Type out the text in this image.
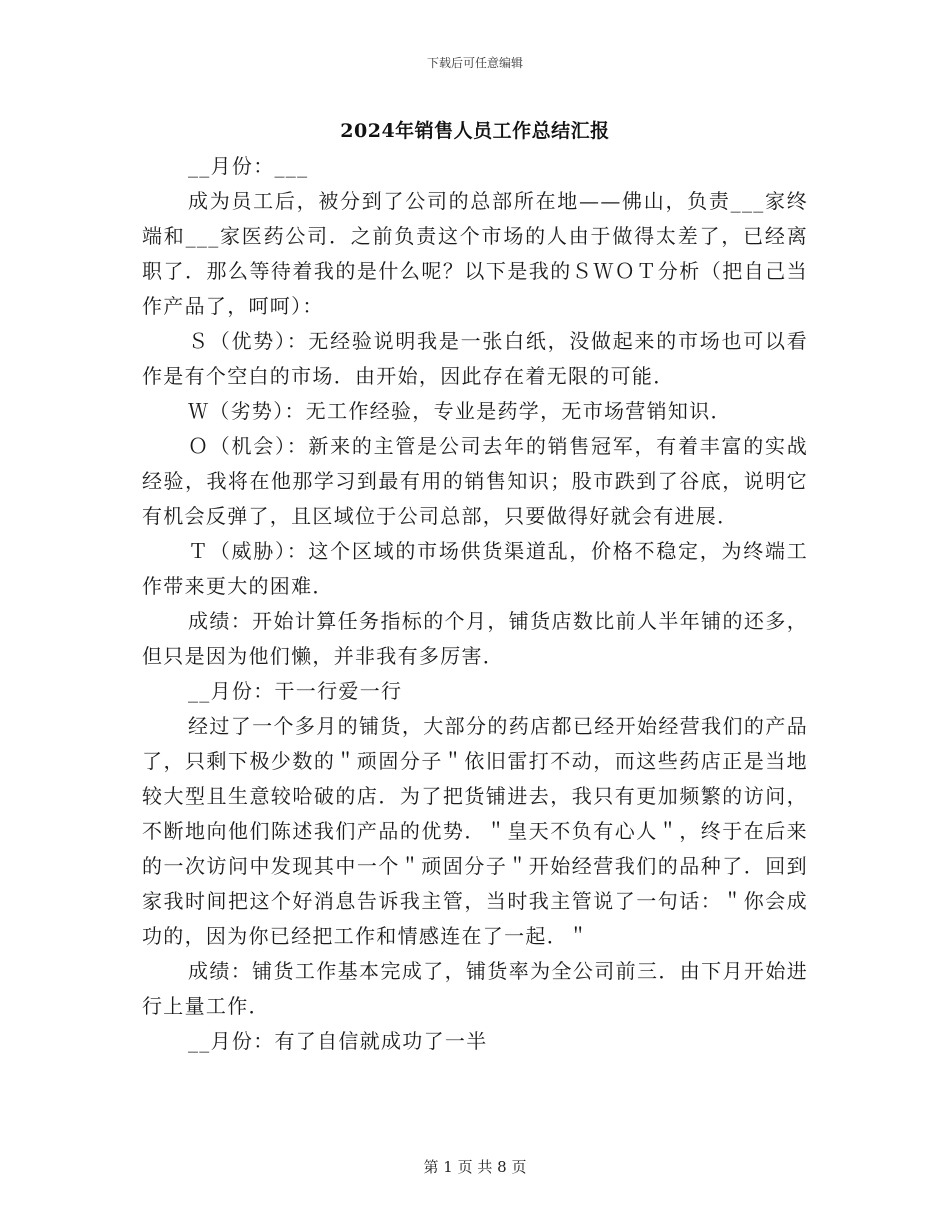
下载后可任意编辑
2024年销售人员工作总结汇报

__月份：___

成为员工后，被分到了公司的总部所在地——佛山，负责___家终端和___家医药公司．之前负责这个市场的人由于做得太差了，已经离职了．那么等待着我的是什么呢？以下是我的ＳＷＯＴ分析（把自己当作产品了，呵呵）：

Ｓ（优势）：无经验说明我是一张白纸，没做起来的市场也可以看作是有个空白的市场．由开始，因此存在着无限的可能．

Ｗ（劣势）：无工作经验，专业是药学，无市场营销知识．

Ｏ（机会）：新来的主管是公司去年的销售冠军，有着丰富的实战经验，我将在他那学习到最有用的销售知识；股市跌到了谷底，说明它有机会反弹了，且区域位于公司总部，只要做得好就会有进展．

Ｔ（威胁）：这个区域的市场供货渠道乱，价格不稳定，为终端工作带来更大的困难．

成绩：开始计算任务指标的个月，铺货店数比前人半年铺的还多，但只是因为他们懒，并非我有多厉害．

__月份：干一行爱一行

经过了一个多月的铺货，大部分的药店都已经开始经营我们的产品了，只剩下极少数的＂顽固分子＂依旧雷打不动，而这些药店正是当地较大型且生意较哈破的店．为了把货铺进去，我只有更加频繁的访问，不断地向他们陈述我们产品的优势．＂皇天不负有心人＂，终于在后来的一次访问中发现其中一个＂顽固分子＂开始经营我们的品种了．回到家我时间把这个好消息告诉我主管，当时我主管说了一句话：＂你会成功的，因为你已经把工作和情感连在了一起．＂

成绩：铺货工作基本完成了，铺货率为全公司前三．由下月开始进行上量工作．

__月份：有了自信就成功了一半

第 1 页 共 8 页
